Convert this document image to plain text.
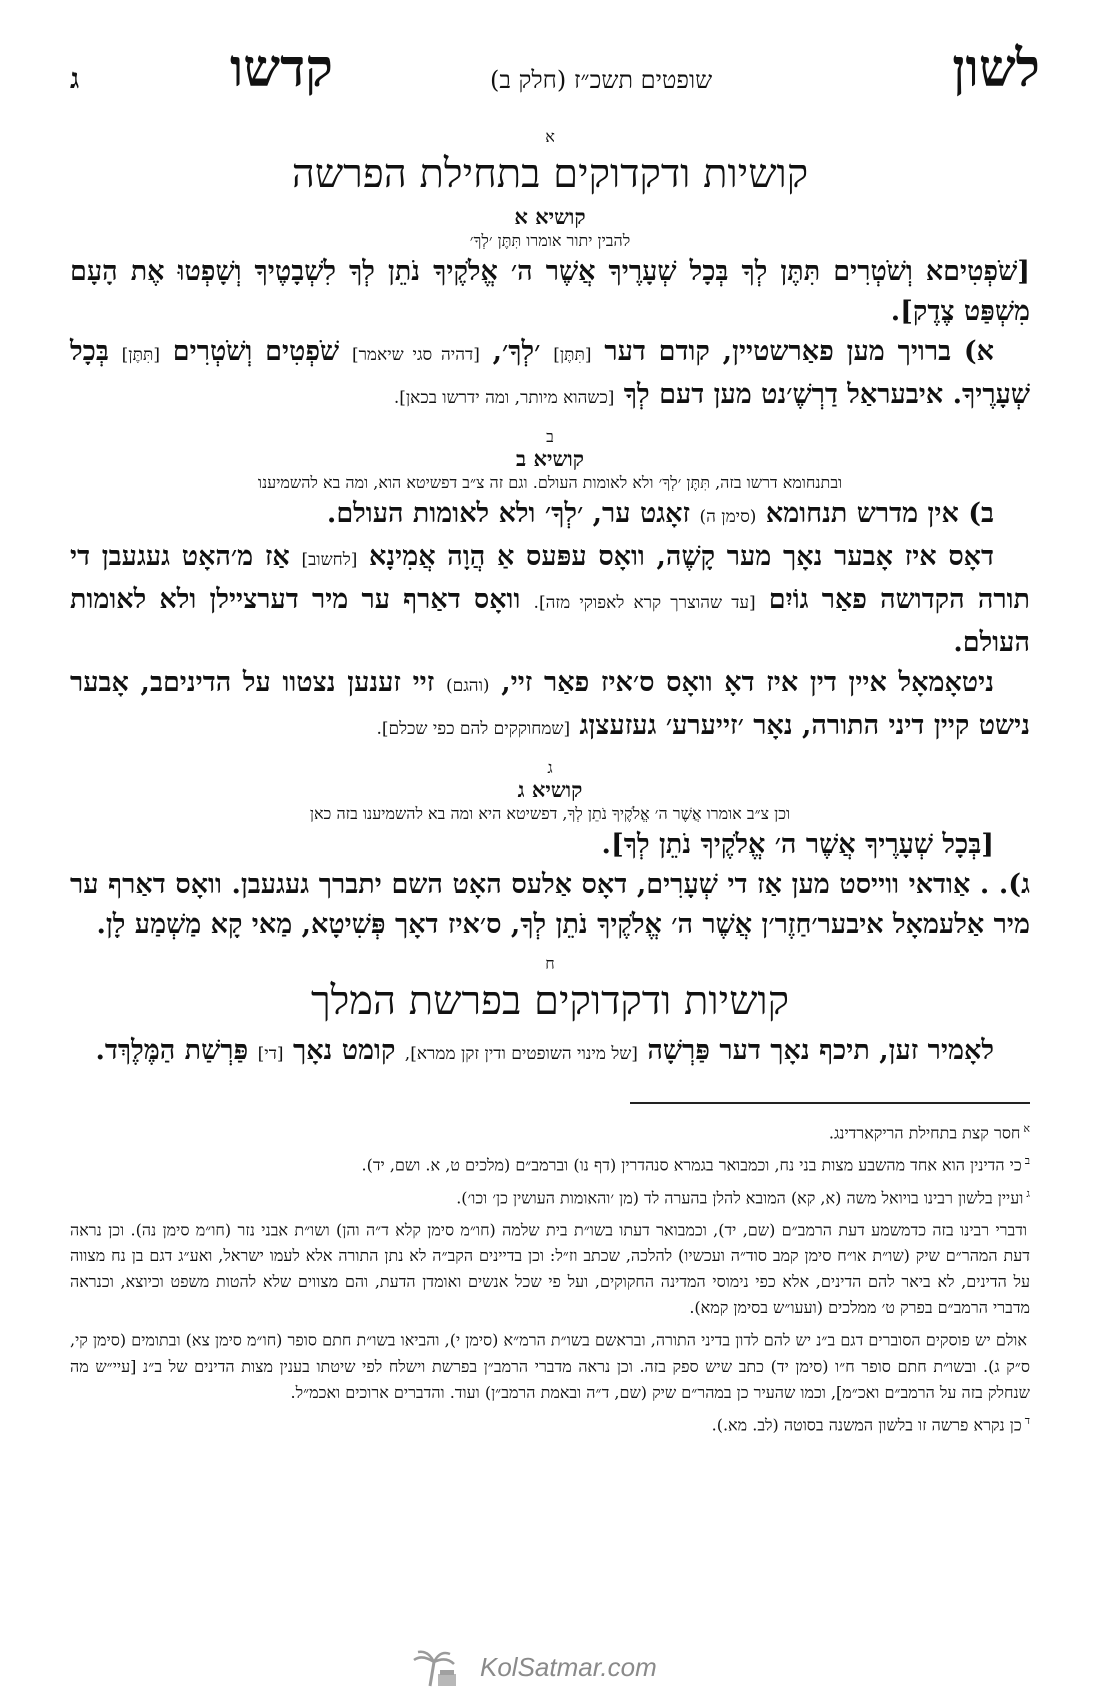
לשון
שופטים תשכ״ז (חלק ב)
קדשו
ג
א
קושיות ודקדוקים בתחילת הפרשה
קושיא א
להבין יתור אומרו תִּתֶּן ׳לְךָ׳

[שֹׁפְטִיםא וְשֹׁטְרִים תִּתֶּן לְךָ בְּכָל שְׁעָרֶיךָ אֲשֶׁר ה׳ אֱלֹקֶיךָ נֹתֵן לְךָ לִשְׁבָטֶיךָ וְשָׁפְטוּ אֶת הָעָם מִשְׁפַּט צֶדֶק].

א) ברויך מען פאַרשטיין, קודם דער [תִּתֶּן] ׳לְךָ׳, [דהיה סגי שיאמר] שֹׁפְטִים וְשֹׁטְרִים [תִּתֶּן] בְּכָל שְׁעָרֶיךָ. איבעראַל דַרְשֶׁ׳נט מען דעם לְךָ [כשהוא מיותר, ומה ידרשו בכאן].

ב
קושיא ב
ובתנחומא דרשו בזה, תִּתֶּן ׳לְךָ׳ ולא לאומות העולם. וגם זה צ״ב דפשיטא הוא, ומה בא להשמיענו

ב) אין מדרש תנחומא (סימן ה) זאָגט ער, ׳לְךָ׳ ולא לאומות העולם.

דאָס איז אָבער נאָך מער קָשֶׁה, וואָס עפּעס אַ הֲוָה אֲמִינָא [לחשוב] אַז מ׳האָט געגעבן די תורה הקדושה פאַר גוֹיִם [עד שהוצרך קרא לאפוקי מזה]. וואָס דאַרף ער מיר דערציילן ולא לאומות העולם.

ניטאָמאָל איין דין איז דאָ וואָס ס׳איז פאַר זיי, (והגם) זיי זענען נצטוו על הדיניםב, אָבער נישט קיין דיני התורה, נאָר ׳זייערע׳ געזעצןג [שמחוקקים להם כפי שכלם].

ג
קושיא ג
וכן צ״ב אומרו אֲשֶׁר ה׳ אֱלֹקֶיךָ נֹתֵן לְךָ, דפשיטא היא ומה בא להשמיענו בזה כאן

[בְּכָל שְׁעָרֶיךָ אֲשֶׁר ה׳ אֱלֹקֶיךָ נֹתֵן לְךָ].

ג). . אַודאי ווייסט מען אַז די שְׁעָרִים, דאָס אַלעס האָט השם יתברך געגעבן. וואָס דאַרף ער מיר אַלעמאָל איבער׳חַזֶר׳ן אֲשֶׁר ה׳ אֱלֹקֶיךָ נֹתֵן לְךָ, ס׳איז דאָך פְּשִׁיטָא, מַאי קָא מַשְׁמַע לָן.

ח
קושיות ודקדוקים בפרשת המלך

לאָמיר זען, תיכף נאָך דער פַּרְשָׁה [של מינוי השופטים ודין זקן ממרא], קומט נאָך [די] פַּרְשַׁת הַמֶּלֶךְד.

$^א$חסר קצת בתחילת הריקארדינג.
$^ב$כי הדינין הוא אחד מהשבע מצות בני נח, וכמבואר בגמרא סנהדרין (דף נו) וברמב״ם (מלכים ט, א. ושם, יד).
$^ג$ועיין בלשון רבינו בויואל משה (א, קא) המובא להלן בהערה לד (מן ׳והאומות העושין כן׳ וכו׳).
ודברי רבינו בזה כדמשמע דעת הרמב״ם (שם, יד), וכמבואר דעתו בשו״ת בית שלמה (חו״מ סימן קלא ד״ה והן) ושו״ת אבני נזר (חו״מ סימן נה). וכן נראה דעת המהר״ם שיק (שו״ת או״ח סימן קמב סוד״ה ועכשיו) להלכה, שכתב וז״ל: וכן בדיינים הקב״ה לא נתן התורה אלא לעמו ישראל, ואע״ג דגם בן נח מצווה על הדינים, לא ביאר להם הדינים, אלא כפי נימוסי המדינה החקוקים, ועל פי שכל אנשים ואומדן הדעת, והם מצווים שלא להטות משפט וכיוצא, וכנראה מדברי הרמב״ם בפרק ט׳ ממלכים (ועעו״ש בסימן קמא).
אולם יש פוסקים הסוברים דגם ב״נ יש להם לדון בדיני התורה, ובראשם בשו״ת הרמ״א (סימן י), והביאו בשו״ת חתם סופר (חו״מ סימן צא) ובתומים (סימן קי, ס״ק ג). ובשו״ת חתם סופר ח״ו (סימן יד) כתב שיש ספק בזה. וכן נראה מדברי הרמב״ן בפרשת וישלח לפי שיטתו בענין מצות הדינים של ב״נ [עיי״ש מה שנחלק בזה על הרמב״ם ואכ״מ], וכמו שהעיר כן במהר״ם שיק (שם, ד״ה ובאמת הרמב״ן) ועוד. והדברים ארוכים ואכמ״ל.
$^ד$כן נקרא פרשה זו בלשון המשנה בסוטה (לב. מא.).
KolSatmar.com
